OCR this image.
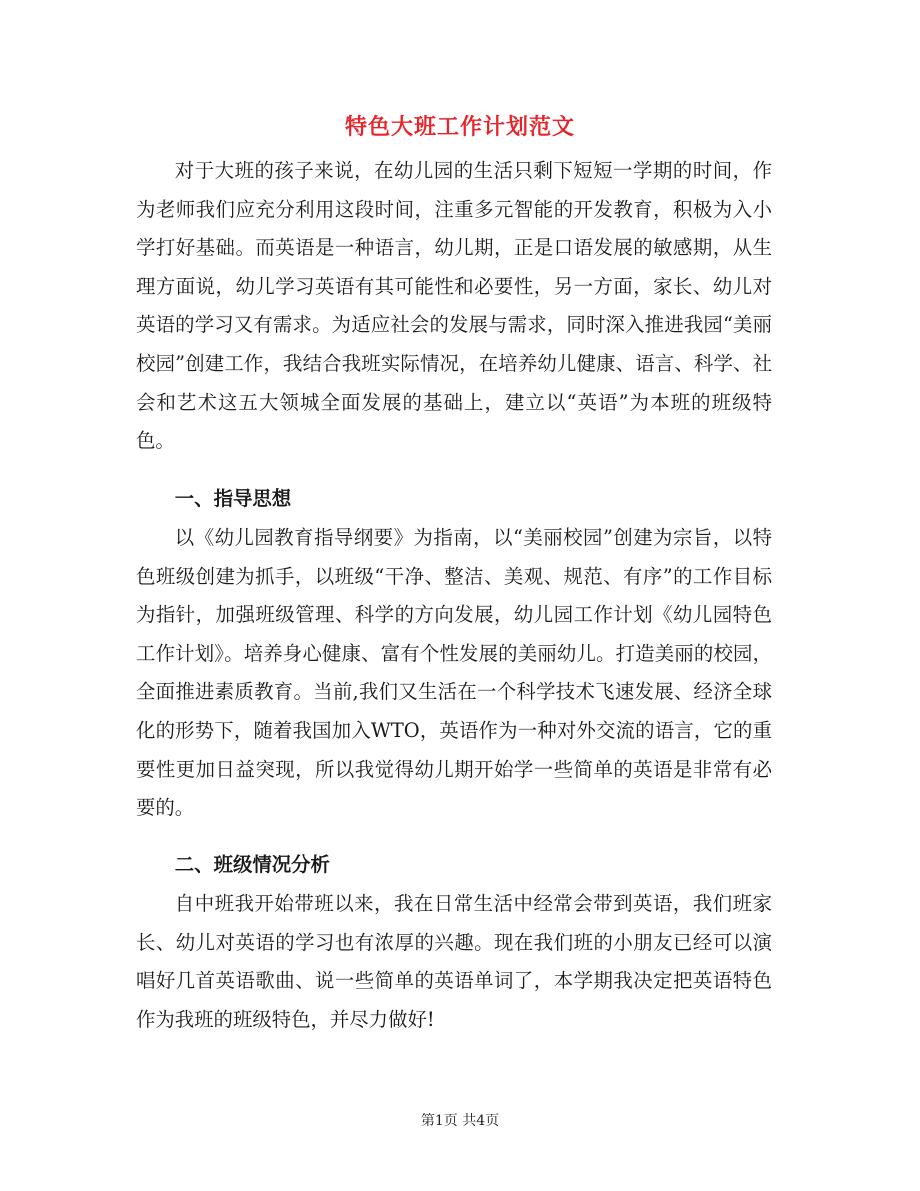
特色大班工作计划范文

对于大班的孩子来说，在幼儿园的生活只剩下短短一学期的时间，作为老师我们应充分利用这段时间，注重多元智能的开发教育，积极为入小学打好基础。而英语是一种语言，幼儿期，正是口语发展的敏感期，从生理方面说，幼儿学习英语有其可能性和必要性，另一方面，家长、幼儿对英语的学习又有需求。为适应社会的发展与需求，同时深入推进我园“美丽校园”创建工作，我结合我班实际情况，在培养幼儿健康、语言、科学、社会和艺术这五大领城全面发展的基础上，建立以“英语”为本班的班级特色。

一、指导思想

以《幼儿园教育指导纲要》为指南，以“美丽校园”创建为宗旨，以特色班级创建为抓手，以班级“干净、整洁、美观、规范、有序”的工作目标为指针，加强班级管理、科学的方向发展，幼儿园工作计划《幼儿园特色工作计划》。培养身心健康、富有个性发展的美丽幼儿。打造美丽的校园，全面推进素质教育。当前,我们又生活在一个科学技术飞速发展、经济全球化的形势下，随着我国加入WTO，英语作为一种对外交流的语言，它的重要性更加日益突现，所以我觉得幼儿期开始学一些简单的英语是非常有必要的。

二、班级情况分析

自中班我开始带班以来，我在日常生活中经常会带到英语，我们班家长、幼儿对英语的学习也有浓厚的兴趣。现在我们班的小朋友已经可以演唱好几首英语歌曲、说一些简单的英语单词了，本学期我决定把英语特色作为我班的班级特色，并尽力做好!

第1页 共4页
